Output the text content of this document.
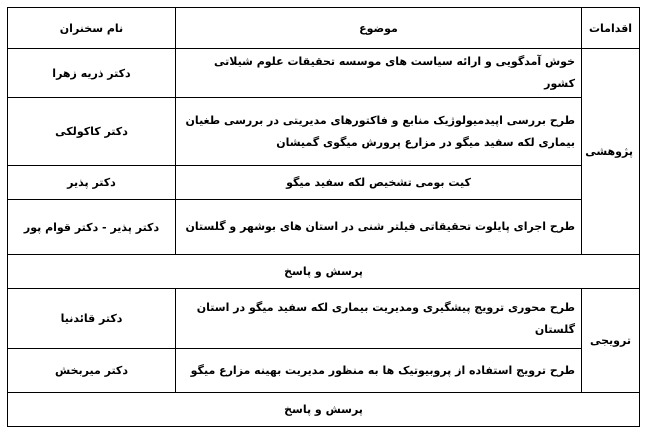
اقدامات	موضوع	نام سخنران
پژوهشی	خوش آمدگویی و ارائه سیاست های موسسه تحقیقات علوم شیلاتی کشور	دکتر ذریه زهرا
	طرح بررسی اپیدمیولوژیک منابع و فاکتورهای مدیریتی در بررسی طغیان بیماری لکه سفید میگو در مزارع پرورش میگوی گمیشان	دکتر کاکولکی
	کیت بومی تشخیص لکه سفید میگو	دکتر پذیر
	طرح اجرای پایلوت تحقیقاتی فیلتر شنی در استان های بوشهر و گلستان	دکتر پذیر - دکتر قوام پور
پرسش و پاسخ		
ترویجی	طرح محوری ترویج پیشگیری ومدیریت بیماری لکه سفید میگو در استان گلستان	دکتر قائدنیا
	طرح ترویج استفاده از پروبیوتیک ها به منظور مدیریت بهینه مزارع میگو	دکتر میربخش
پرسش و پاسخ		
